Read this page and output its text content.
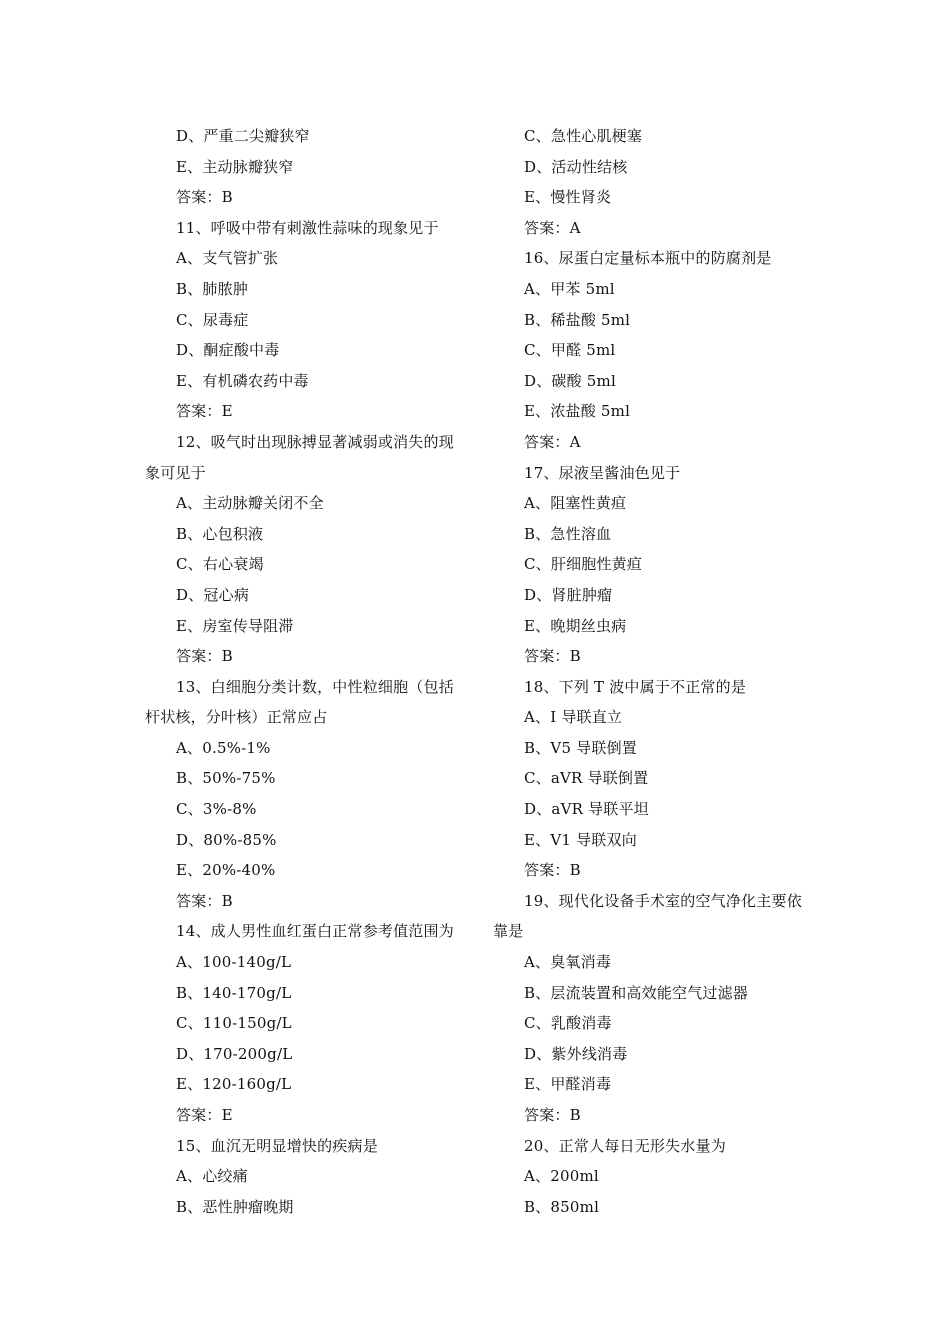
D、严重二尖瓣狭窄
E、主动脉瓣狭窄
答案：B
11、呼吸中带有刺激性蒜味的现象见于
A、支气管扩张
B、肺脓肿
C、尿毒症
D、酮症酸中毒
E、有机磷农药中毒
答案：E
12、吸气时出现脉搏显著减弱或消失的现
象可见于
A、主动脉瓣关闭不全
B、心包积液
C、右心衰竭
D、冠心病
E、房室传导阻滞
答案：B
13、白细胞分类计数，中性粒细胞（包括
杆状核，分叶核）正常应占
A、0.5%-1%
B、50%-75%
C、3%-8%
D、80%-85%
E、20%-40%
答案：B
14、成人男性血红蛋白正常参考值范围为
A、100-140g/L
B、140-170g/L
C、110-150g/L
D、170-200g/L
E、120-160g/L
答案：E
15、血沉无明显增快的疾病是
A、心绞痛
B、恶性肿瘤晚期
C、急性心肌梗塞
D、活动性结核
E、慢性肾炎
答案：A
16、尿蛋白定量标本瓶中的防腐剂是
A、甲苯 5ml
B、稀盐酸 5ml
C、甲醛 5ml
D、碳酸 5ml
E、浓盐酸 5ml
答案：A
17、尿液呈酱油色见于
A、阻塞性黄疸
B、急性溶血
C、肝细胞性黄疸
D、肾脏肿瘤
E、晚期丝虫病
答案：B
18、下列 T 波中属于不正常的是
A、I 导联直立
B、V5 导联倒置
C、aVR 导联倒置
D、aVR 导联平坦
E、V1 导联双向
答案：B
19、现代化设备手术室的空气净化主要依
靠是
A、臭氧消毒
B、层流装置和高效能空气过滤器
C、乳酸消毒
D、紫外线消毒
E、甲醛消毒
答案：B
20、正常人每日无形失水量为
A、200ml
B、850ml
